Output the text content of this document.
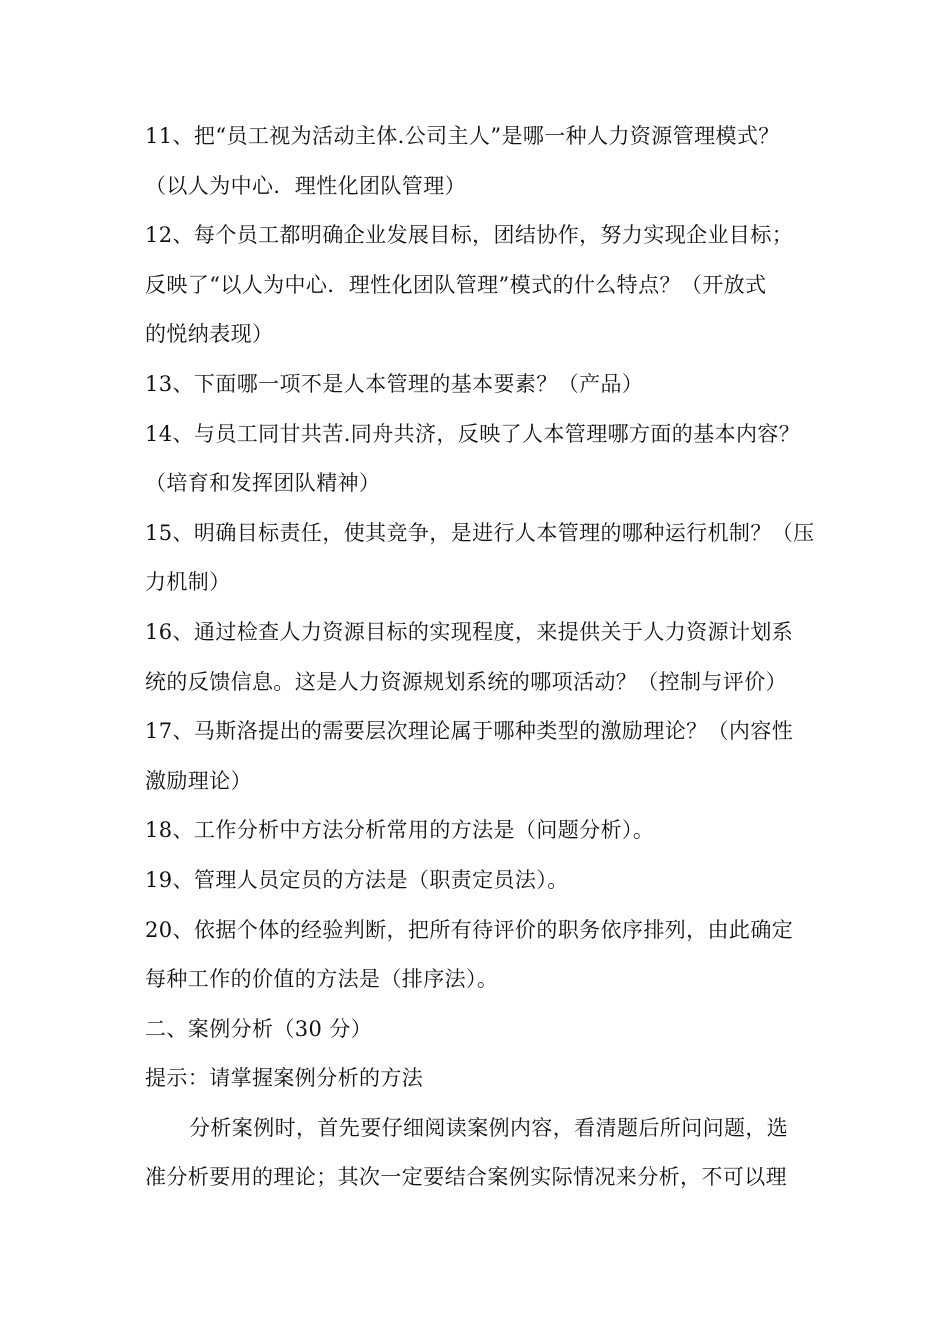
11、把“员工视为活动主体.公司主人”是哪一种人力资源管理模式？
（以人为中心．理性化团队管理）
12、每个员工都明确企业发展目标，团结协作，努力实现企业目标；
反映了“以人为中心．理性化团队管理”模式的什么特点？（开放式
的悦纳表现）
13、下面哪一项不是人本管理的基本要素？（产品）
14、与员工同甘共苦.同舟共济，反映了人本管理哪方面的基本内容？
（培育和发挥团队精神）
15、明确目标责任，使其竞争，是进行人本管理的哪种运行机制？（压
力机制）
16、通过检查人力资源目标的实现程度，来提供关于人力资源计划系
统的反馈信息。这是人力资源规划系统的哪项活动？（控制与评价）
17、马斯洛提出的需要层次理论属于哪种类型的激励理论？（内容性
激励理论）
18、工作分析中方法分析常用的方法是（问题分析）。
19、管理人员定员的方法是（职责定员法）。
20、依据个体的经验判断，把所有待评价的职务依序排列，由此确定
每种工作的价值的方法是（排序法）。
二、案例分析（30 分）
提示：请掌握案例分析的方法
分析案例时，首先要仔细阅读案例内容，看清题后所问问题，选
准分析要用的理论；其次一定要结合案例实际情况来分析，不可以理
